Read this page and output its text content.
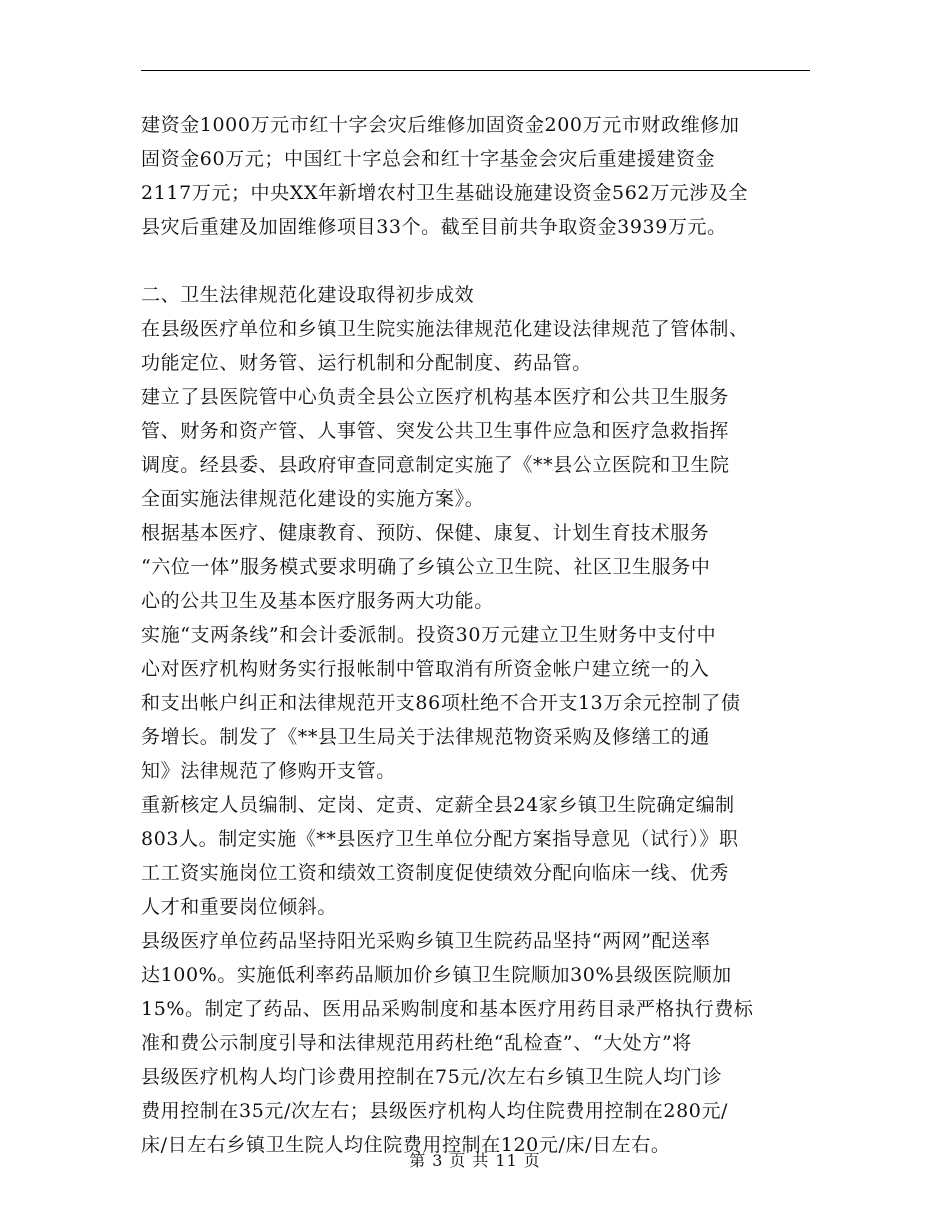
建资金1000万元市红十字会灾后维修加固资金200万元市财政维修加
固资金60万元；中国红十字总会和红十字基金会灾后重建援建资金
2117万元；中央XX年新增农村卫生基础设施建设资金562万元涉及全
县灾后重建及加固维修项目33个。截至目前共争取资金3939万元。
二、卫生法律规范化建设取得初步成效
在县级医疗单位和乡镇卫生院实施法律规范化建设法律规范了管体制、
功能定位、财务管、运行机制和分配制度、药品管。
建立了县医院管中心负责全县公立医疗机构基本医疗和公共卫生服务
管、财务和资产管、人事管、突发公共卫生事件应急和医疗急救指挥
调度。经县委、县政府审查同意制定实施了《**县公立医院和卫生院
全面实施法律规范化建设的实施方案》。
根据基本医疗、健康教育、预防、保健、康复、计划生育技术服务
“六位一体”服务模式要求明确了乡镇公立卫生院、社区卫生服务中
心的公共卫生及基本医疗服务两大功能。
实施“支两条线”和会计委派制。投资30万元建立卫生财务中支付中
心对医疗机构财务实行报帐制中管取消有所资金帐户建立统一的入
和支出帐户纠正和法律规范开支86项杜绝不合开支13万余元控制了债
务增长。制发了《**县卫生局关于法律规范物资采购及修缮工的通
知》法律规范了修购开支管。
重新核定人员编制、定岗、定责、定薪全县24家乡镇卫生院确定编制
803人。制定实施《**县医疗卫生单位分配方案指导意见（试行）》职
工工资实施岗位工资和绩效工资制度促使绩效分配向临床一线、优秀
人才和重要岗位倾斜。
县级医疗单位药品坚持阳光采购乡镇卫生院药品坚持“两网”配送率
达100%。实施低利率药品顺加价乡镇卫生院顺加30%县级医院顺加
15%。制定了药品、医用品采购制度和基本医疗用药目录严格执行费标
准和费公示制度引导和法律规范用药杜绝“乱检查”、“大处方”将
县级医疗机构人均门诊费用控制在75元/次左右乡镇卫生院人均门诊
费用控制在35元/次左右；县级医疗机构人均住院费用控制在280元/
床/日左右乡镇卫生院人均住院费用控制在120元/床/日左右。
第 3 页 共 11 页
